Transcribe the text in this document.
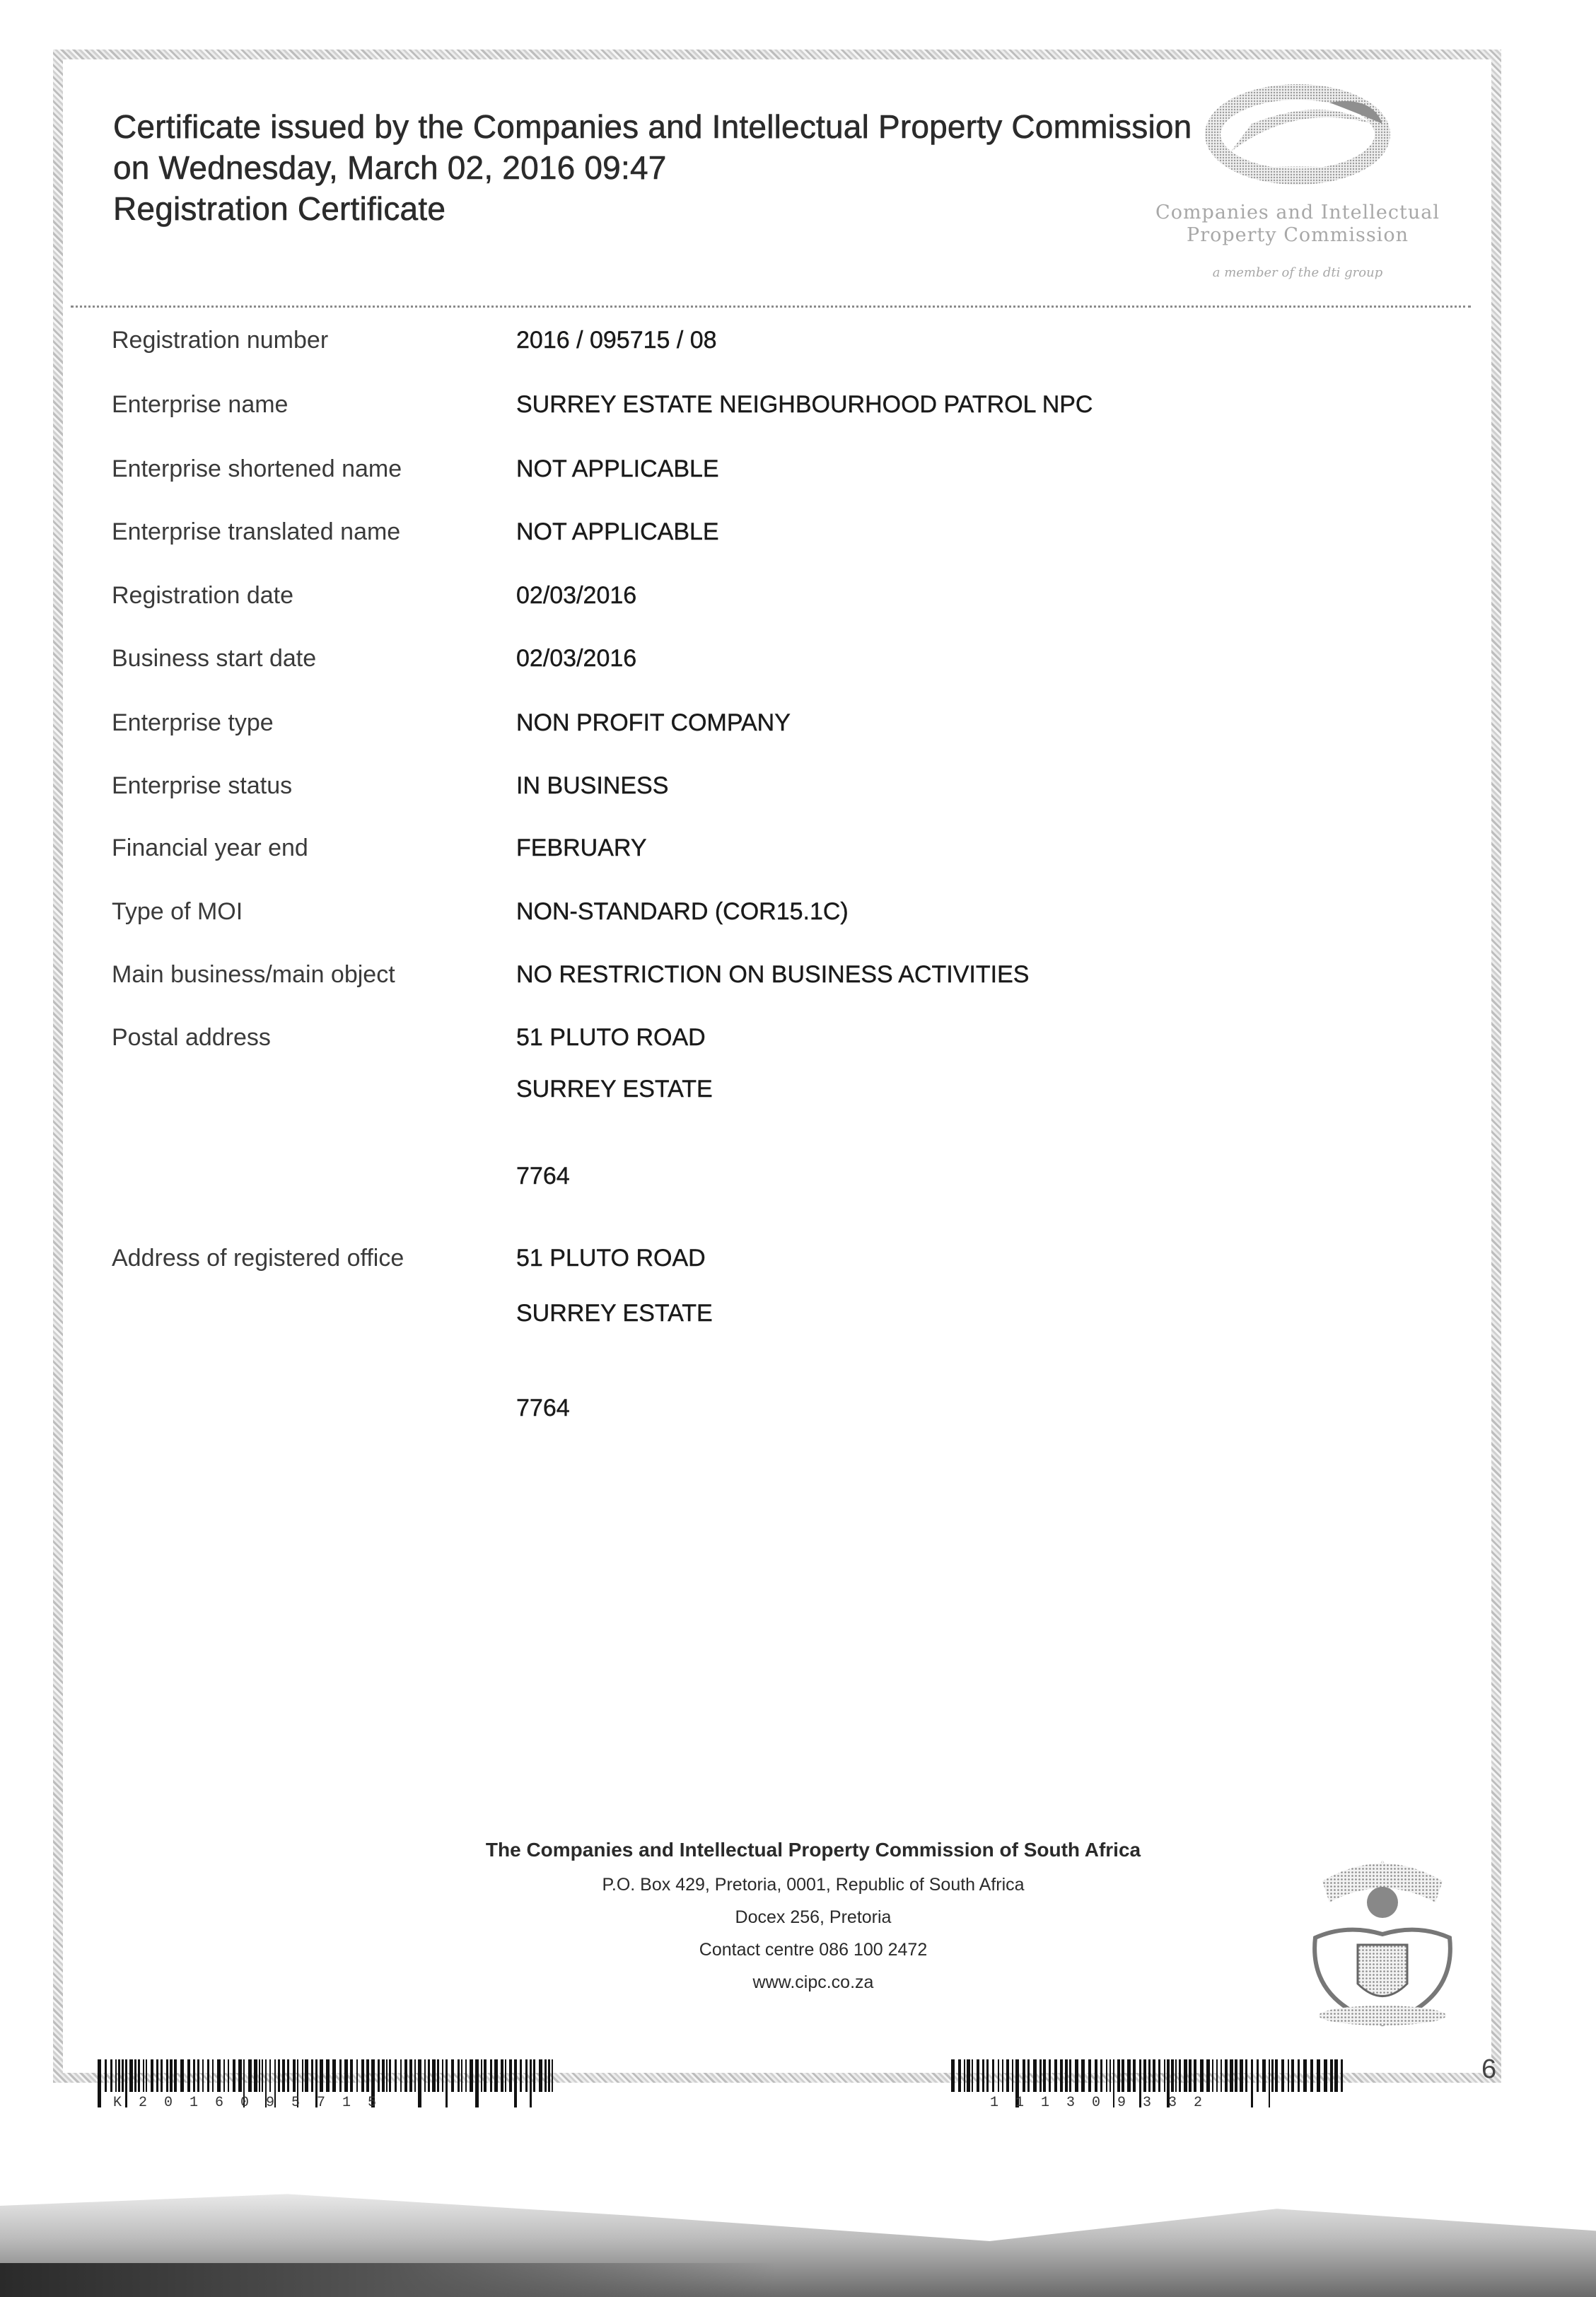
Certificate issued by the Companies and Intellectual Property Commission
on Wednesday, March 02, 2016 09:47
Registration Certificate	Companies and Intellectual
Property Commission
a member of the dti group
Registration number	2016 / 095715 / 08
Enterprise name	SURREY ESTATE NEIGHBOURHOOD PATROL NPC
Enterprise shortened name	NOT APPLICABLE
Enterprise translated name	NOT APPLICABLE
Registration date	02/03/2016
Business start date	02/03/2016
Enterprise type	NON PROFIT COMPANY
Enterprise status	IN BUSINESS
Financial year end	FEBRUARY
Type of MOI	NON-STANDARD (COR15.1C)
Main business/main object	NO RESTRICTION ON BUSINESS ACTIVITIES
Postal address	51 PLUTO ROAD
SURREY ESTATE
7764
Address of registered office	51 PLUTO ROAD
SURREY ESTATE
7764
The Companies and Intellectual Property Commission of South Africa
P.O. Box 429, Pretoria, 0001, Republic of South Africa
Docex 256, Pretoria
Contact centre 086 100 2472
www.cipc.co.za
K  2  0  1  6  0  9  5  7  1  5	1  1  1  3  0  9  3  3  2
6
